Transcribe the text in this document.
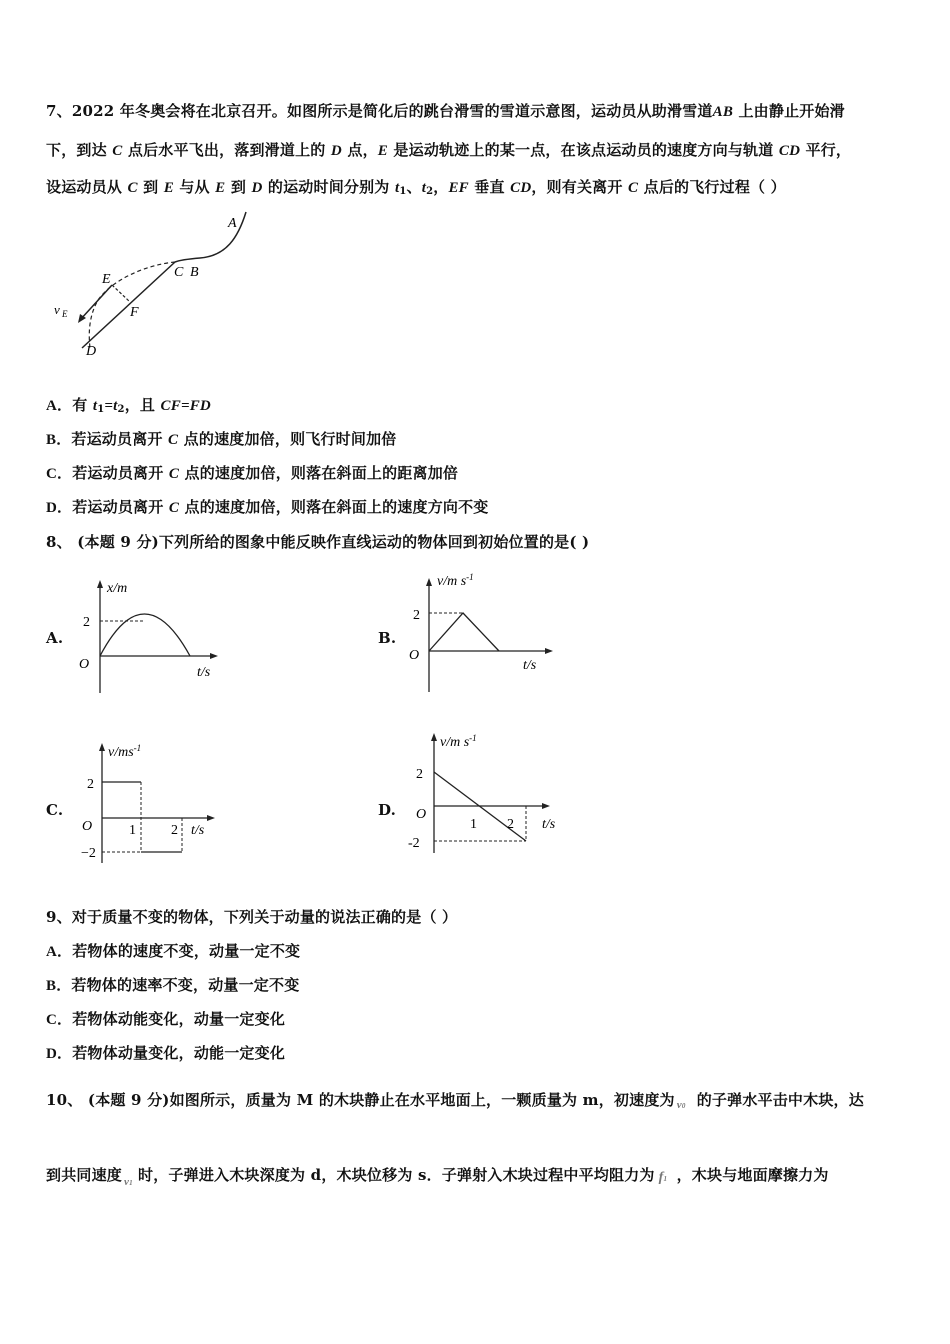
7、2022 年冬奥会将在北京召开。如图所示是简化后的跳台滑雪的雪道示意图，运动员从助滑雪道AB 上由静止开始滑
下，到达 C 点后水平飞出，落到滑道上的 D 点，E 是运动轨迹上的某一点，在该点运动员的速度方向与轨道 CD 平行，
设运动员从 C 到 E 与从 E 到 D 的运动时间分别为 $t_1$、$t_2$，EF 垂直 CD，则有关离开 C 点后的飞行过程（ ）
A
C B
E
F
D
v E
A．有 $t_1=t_2$，且 CF=FD
B．若运动员离开 C 点的速度加倍，则飞行时间加倍
C．若运动员离开 C 点的速度加倍，则落在斜面上的距离加倍
D．若运动员离开 C 点的速度加倍，则落在斜面上的速度方向不变
8、 (本题 9 分)下列所给的图象中能反映作直线运动的物体回到初始位置的是( )
A.
x/m
2
O
t/s
B.
v/m $s^{-1}$
2
O
t/s
C.
$v/ms^{-1}$
2
O
−2
1	2 t/s
D.
v/m $s^{-1}$
2
O
-2
1 2 t/s
9、对于质量不变的物体，下列关于动量的说法正确的是（ ）
A．若物体的速度不变，动量一定不变
B．若物体的速率不变，动量一定不变
C．若物体动能变化，动量一定变化
D．若物体动量变化，动能一定变化
10、 (本题 9 分)如图所示，质量为 M 的木块静止在水平地面上，一颗质量为 m，初速度为 v0 的子弹水平击中木块，达
到共同速度 v1 时，子弹进入木块深度为 d，木块位移为 s．子弹射入木块过程中平均阻力为 f1 ，木块与地面摩擦力为
